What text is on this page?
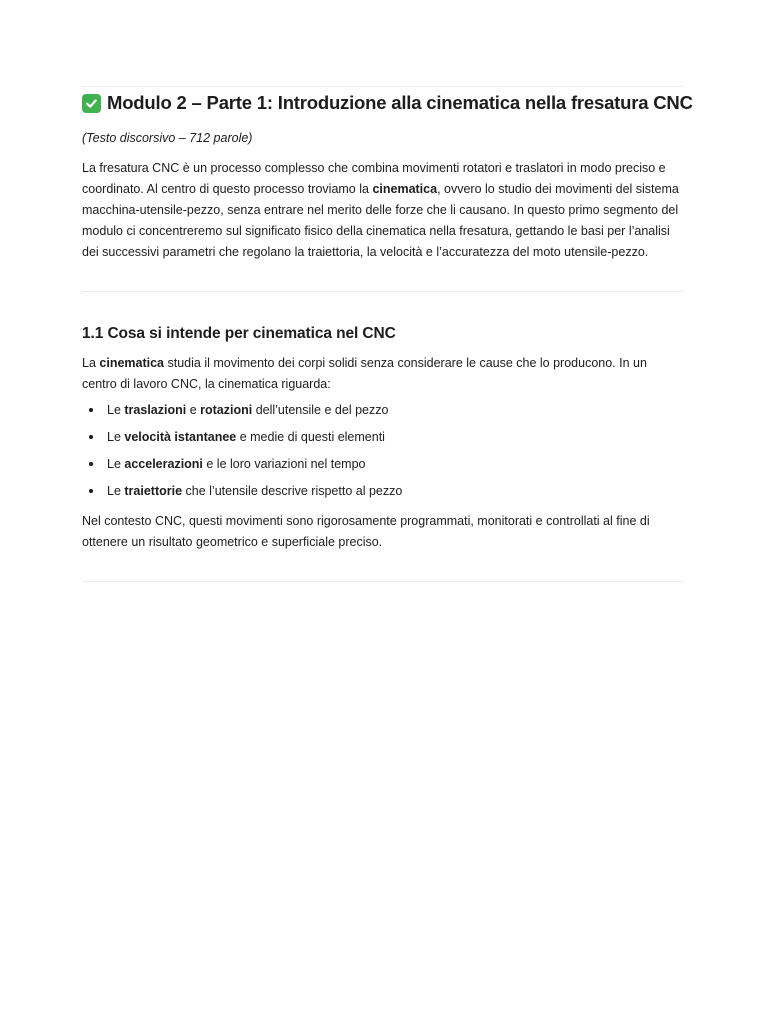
Modulo 2 – Parte 1: Introduzione alla cinematica nella fresatura CNC
(Testo discorsivo – 712 parole)

La fresatura CNC è un processo complesso che combina movimenti rotatori e traslatori in modo preciso e coordinato. Al centro di questo processo troviamo la cinematica, ovvero lo studio dei movimenti del sistema macchina-utensile-pezzo, senza entrare nel merito delle forze che li causano. In questo primo segmento del modulo ci concentreremo sul significato fisico della cinematica nella fresatura, gettando le basi per l’analisi dei successivi parametri che regolano la traiettoria, la velocità e l’accuratezza del moto utensile-pezzo.

1.1 Cosa si intende per cinematica nel CNC

La cinematica studia il movimento dei corpi solidi senza considerare le cause che lo producono. In un centro di lavoro CNC, la cinematica riguarda:

Le traslazioni e rotazioni dell’utensile e del pezzo
Le velocità istantanee e medie di questi elementi
Le accelerazioni e le loro variazioni nel tempo
Le traiettorie che l’utensile descrive rispetto al pezzo

Nel contesto CNC, questi movimenti sono rigorosamente programmati, monitorati e controllati al fine di ottenere un risultato geometrico e superficiale preciso.
